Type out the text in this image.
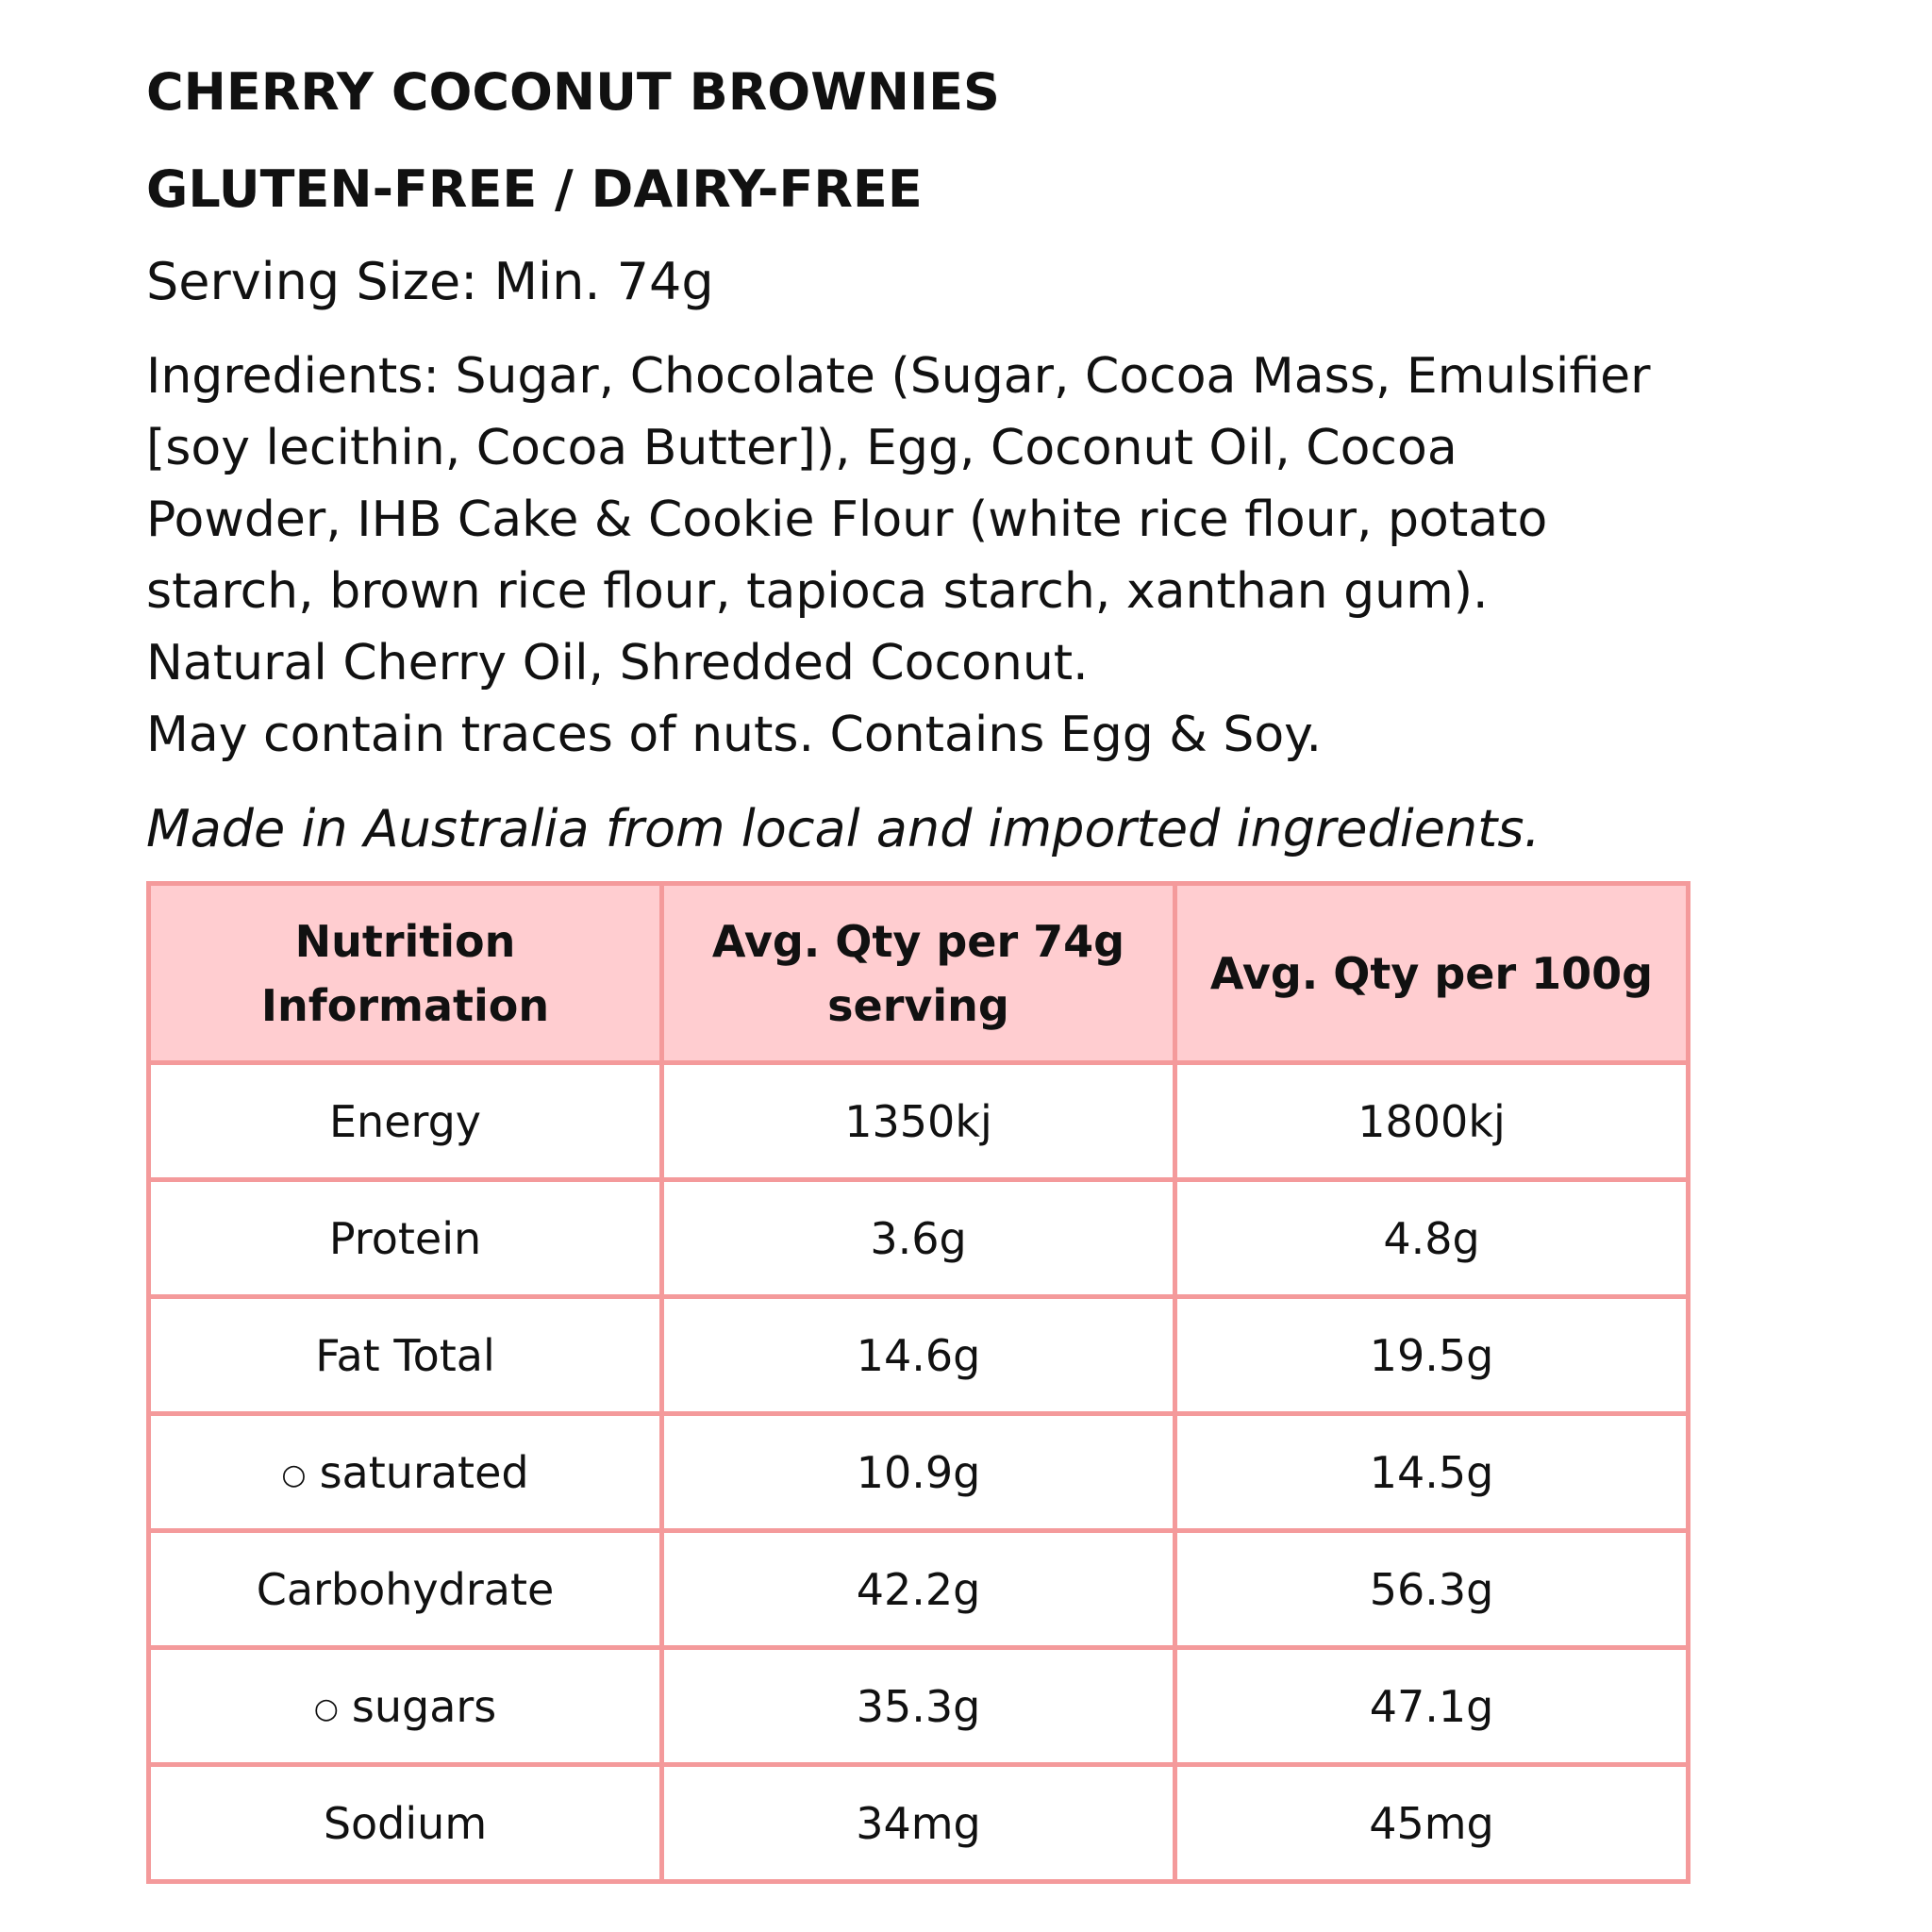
CHERRY COCONUT BROWNIES
GLUTEN-FREE / DAIRY-FREE
Serving Size: Min. 74g
Ingredients: Sugar, Chocolate (Sugar, Cocoa Mass, Emulsifier
[soy lecithin, Cocoa Butter]), Egg, Coconut Oil, Cocoa
Powder, IHB Cake & Cookie Flour (white rice flour, potato
starch, brown rice flour, tapioca starch, xanthan gum).
Natural Cherry Oil, Shredded Coconut.
May contain traces of nuts. Contains Egg & Soy.
Made in Australia from local and imported ingredients.
Nutrition Information	Avg. Qty per 74g serving	Avg. Qty per 100g
Energy	1350kj	1800kj
Protein	3.6g	4.8g
Fat Total	14.6g	19.5g
○ saturated	10.9g	14.5g
Carbohydrate	42.2g	56.3g
○ sugars	35.3g	47.1g
Sodium	34mg	45mg
